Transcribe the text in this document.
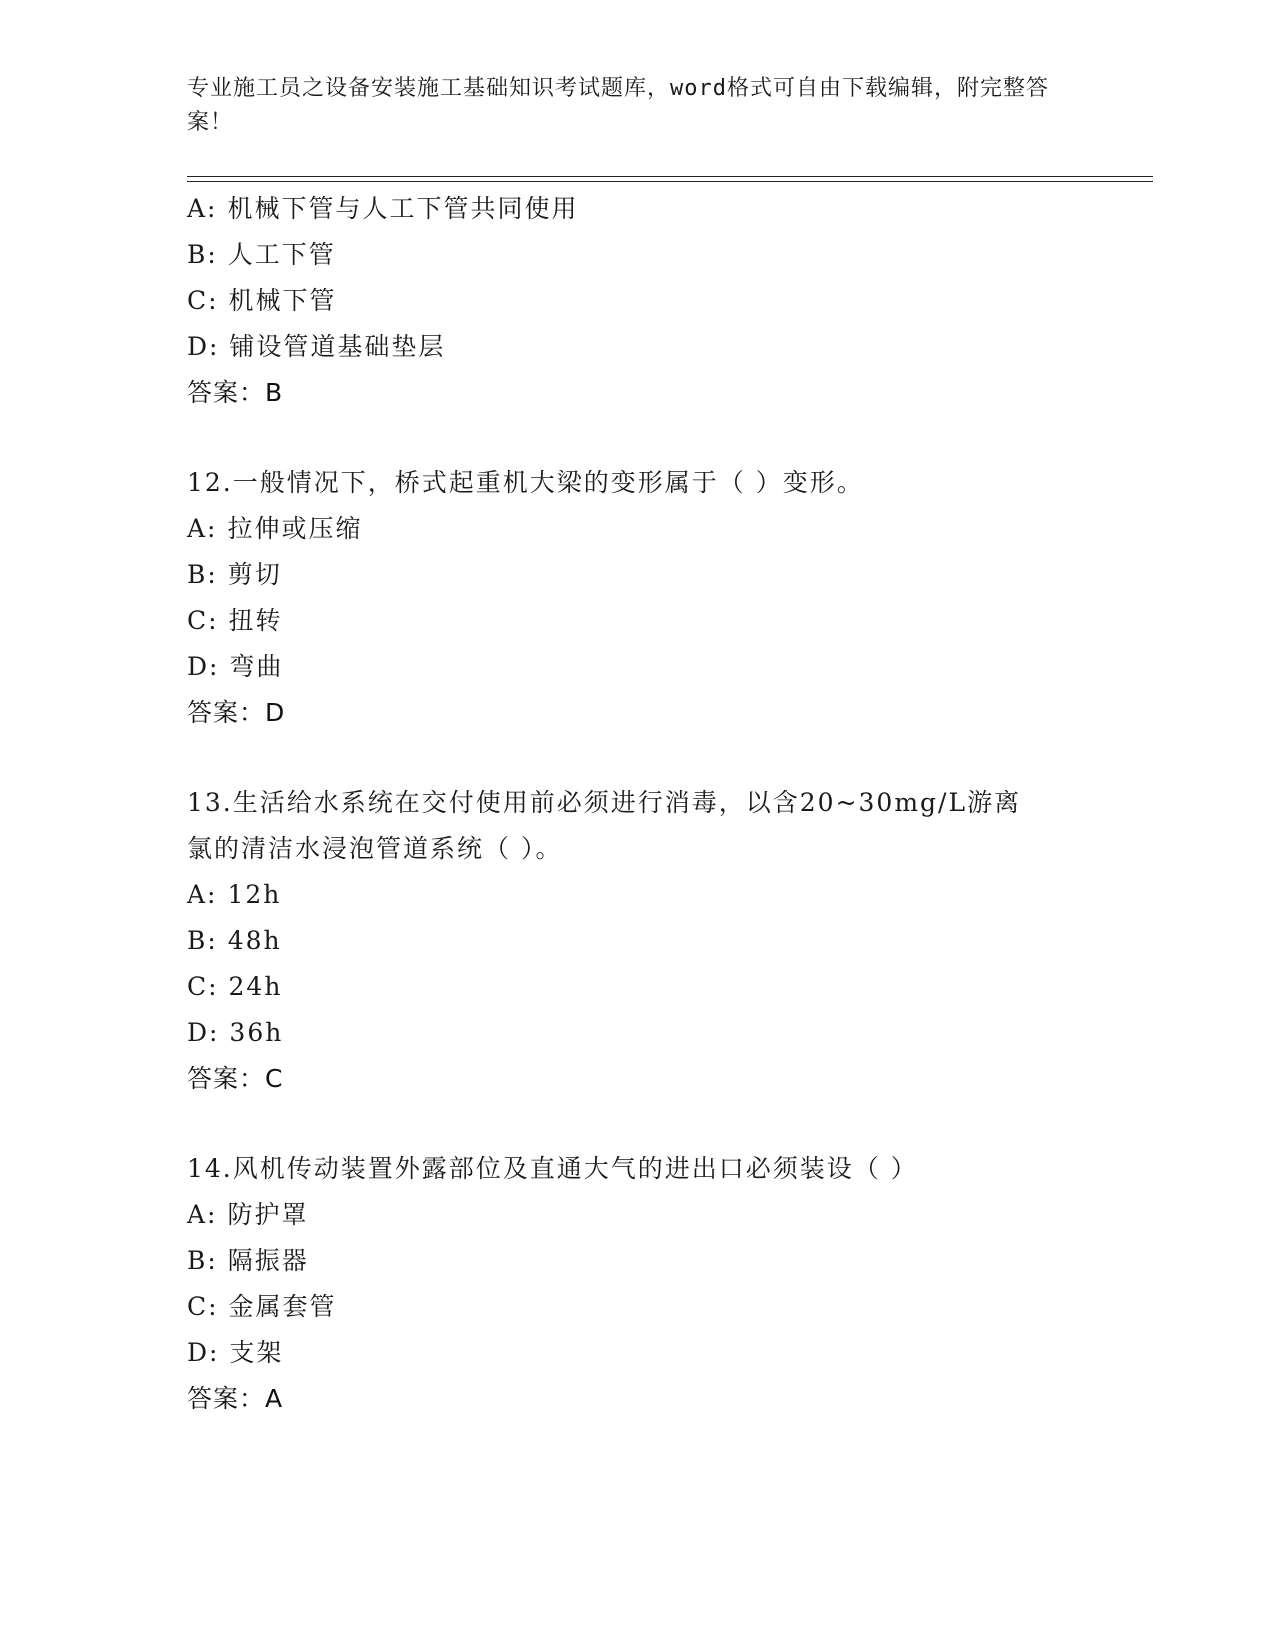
专业施工员之设备安装施工基础知识考试题库，word格式可自由下载编辑，附完整答案！
A: 机械下管与人工下管共同使用
B: 人工下管
C: 机械下管
D: 铺设管道基础垫层
答案：B
12.一般情况下，桥式起重机大梁的变形属于（ ）变形。
A: 拉伸或压缩
B: 剪切
C: 扭转
D: 弯曲
答案：D
13.生活给水系统在交付使用前必须进行消毒，以含20~30mg/L游离氯的清洁水浸泡管道系统（ ）。
A: 12h
B: 48h
C: 24h
D: 36h
答案：C
14.风机传动装置外露部位及直通大气的进出口必须装设（ ）
A: 防护罩
B: 隔振器
C: 金属套管
D: 支架
答案：A
